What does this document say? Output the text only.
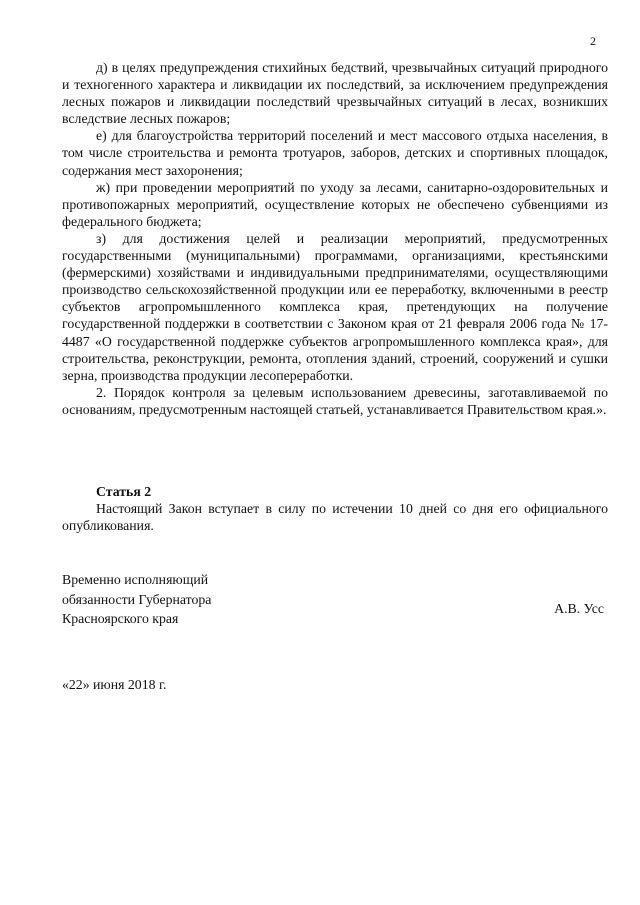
2

д) в целях предупреждения стихийных бедствий, чрезвычайных ситуаций природного и техногенного характера и ликвидации их последствий, за исключением предупреждения лесных пожаров и ликвидации последствий чрезвычайных ситуаций в лесах, возникших вследствие лесных пожаров;

е) для благоустройства территорий поселений и мест массового отдыха населения, в том числе строительства и ремонта тротуаров, заборов, детских и спортивных площадок, содержания мест захоронения;

ж) при проведении мероприятий по уходу за лесами, санитарно-оздоровительных и противопожарных мероприятий, осуществление которых не обеспечено субвенциями из федерального бюджета;

з) для достижения целей и реализации мероприятий, предусмотренных государственными (муниципальными) программами, организациями, крестьянскими (фермерскими) хозяйствами и индивидуальными предпринимателями, осуществляющими производство сельскохозяйственной продукции или ее переработку, включенными в реестр субъектов агропромышленного комплекса края, претендующих на получение государственной поддержки в соответствии с Законом края от 21 февраля 2006 года № 17-4487 «О государственной поддержке субъектов агропромышленного комплекса края», для строительства, реконструкции, ремонта, отопления зданий, строений, сооружений и сушки зерна, производства продукции лесопереработки.

2. Порядок контроля за целевым использованием древесины, заготавливаемой по основаниям, предусмотренным настоящей статьей, устанавливается Правительством края.».

Статья 2

Настоящий Закон вступает в силу по истечении 10 дней со дня его официального опубликования.

Временно исполняющий
обязанности Губернатора
Красноярского края
А.В. Усс
«22» июня 2018 г.
